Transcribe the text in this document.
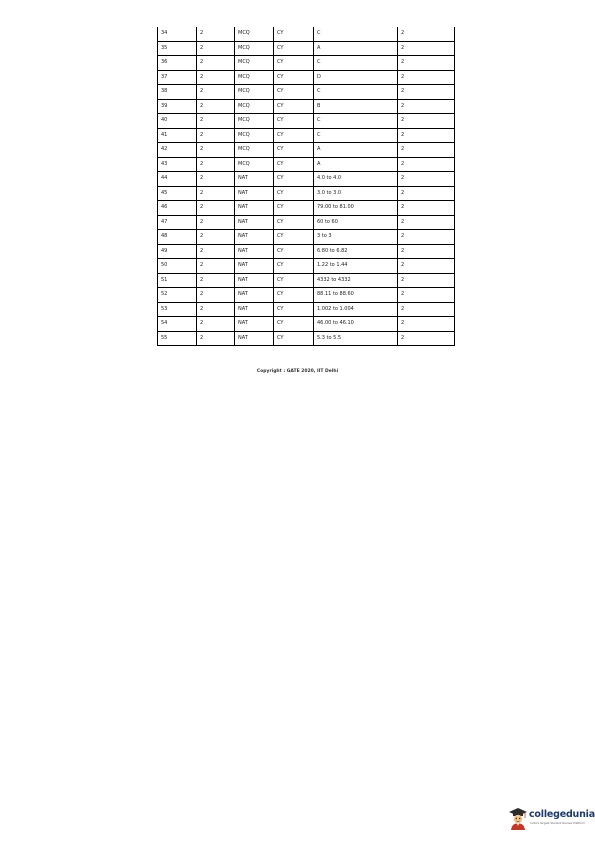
34	2	MCQ	CY	C	2
35	2	MCQ	CY	A	2
36	2	MCQ	CY	C	2
37	2	MCQ	CY	D	2
38	2	MCQ	CY	C	2
39	2	MCQ	CY	B	2
40	2	MCQ	CY	C	2
41	2	MCQ	CY	C	2
42	2	MCQ	CY	A	2
43	2	MCQ	CY	A	2
44	2	NAT	CY	4.0 to 4.0	2
45	2	NAT	CY	3.0 to 3.0	2
46	2	NAT	CY	79.00 to 81.00	2
47	2	NAT	CY	60 to 60	2
48	2	NAT	CY	3 to 3	2
49	2	NAT	CY	6.80 to 6.82	2
50	2	NAT	CY	1.22 to 1.44	2
51	2	NAT	CY	4332 to 4332	2
52	2	NAT	CY	88.11 to 88.60	2
53	2	NAT	CY	1.002 to 1.004	2
54	2	NAT	CY	46.00 to 46.10	2
55	2	NAT	CY	5.3 to 5.5	2
Copyright : GATE 2020, IIT Delhi
collegedunia
India's largest Student Review Platform
